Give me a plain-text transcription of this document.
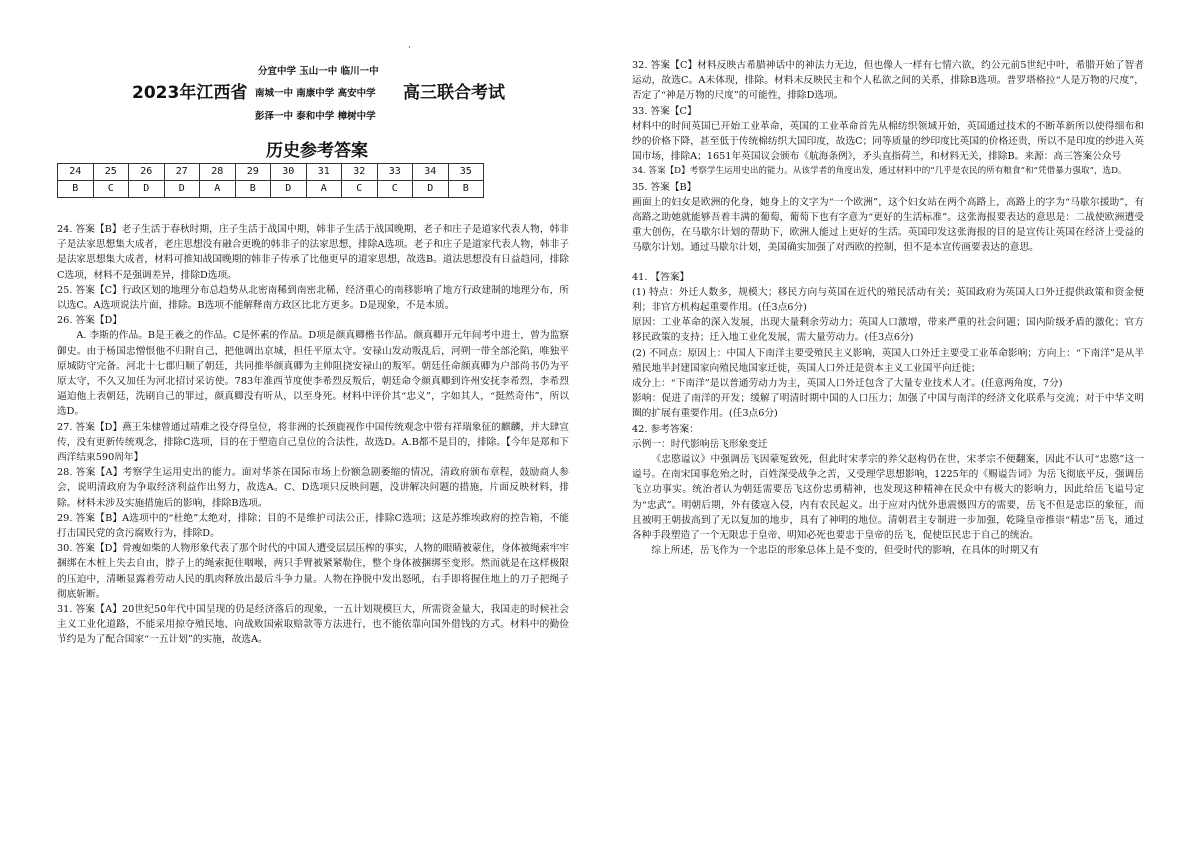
·
分宜中学 玉山一中 临川一中
2023年江西省 南城一中 南康中学 高安中学 高三联合考试
彭泽一中 泰和中学 樟树中学
历史参考答案
24	25	26	27	28	29	30	31	32	33	34	35
B	C	D	D	A	B	D	A	C	C	D	B

24. 答案【B】老子生活于春秋时期，庄子生活于战国中期，韩非子生活于战国晚期，老子和庄子是道家代表人物，韩非子是法家思想集大成者，老庄思想没有融合更晚的韩非子的法家思想，排除A选项。老子和庄子是道家代表人物，韩非子是法家思想集大成者，材料可推知战国晚期的韩非子传承了比他更早的道家思想，故选B。道法思想没有日益趋同，排除C选项，材料不是强调差异，排除D选项。

25. 答案【C】行政区划的地理分布总趋势从北密南稀到南密北稀，经济重心的南移影响了地方行政建制的地理分布，所以选C。A选项说法片面，排除。B选项不能解释南方政区比北方更多。D是现象，不是本质。

26. 答案【D】

A. 李斯的作品。B是王羲之的作品。C是怀素的作品。D项是颜真卿楷书作品。颜真卿开元年间考中进士，曾为监察御史。由于杨国忠憎恨他不归附自己，把他调出京城，担任平原太守。安禄山发动叛乱后，河朔一带全部沦陷，唯独平原城防守完备。河北十七郡归顺了朝廷，共同推举颜真卿为主帅阻挠安禄山的叛军。朝廷任命颜真卿为户部尚书仍为平原太守，不久又加任为河北招讨采访使。783年淮西节度使李希烈反叛后，朝廷命令颜真卿到许州安抚李希烈，李希烈逼迫他上表朝廷，洗刷自己的罪过，颜真卿没有听从，以至身死。材料中评价其“忠义”，字如其人，“挺然奇伟”，所以选D。

27. 答案【D】燕王朱棣曾通过靖难之役夺得皇位，将非洲的长颈鹿视作中国传统观念中带有祥瑞象征的麒麟，并大肆宣传，没有更新传统观念，排除C选项，目的在于塑造自己皇位的合法性，故选D。A.B都不是目的，排除。【今年是郑和下西洋结束590周年】

28. 答案【A】考察学生运用史出的能力。面对华茶在国际市场上份额急剧萎缩的情况，清政府颁布章程，鼓励商人参会，说明清政府为争取经济利益作出努力，故选A。C、D选项只反映问题，没讲解决问题的措施，片面反映材料，排除。材料未涉及实施措施后的影响，排除B选项。

29. 答案【B】A选项中的“杜绝”太绝对，排除；目的不是维护司法公正，排除C选项；这是苏维埃政府的控告箱，不能打击国民党的贪污腐败行为，排除D。

30. 答案【D】骨瘦如柴的人物形象代表了那个时代的中国人遭受层层压榨的事实，人物的眼睛被蒙住，身体被绳索牢牢捆绑在木桩上失去自由，脖子上的绳索扼住咽喉，两只手臂被紧紧勒住，整个身体被捆绑至变形。然而就是在这样极限的压迫中，清晰显露着劳动人民的肌肉释放出最后斗争力量。人物在挣脱中发出怒吼，右手即将握住地上的刀子把绳子彻底斩断。

31. 答案【A】20世纪50年代中国呈现的仍是经济落后的现象，一五计划规模巨大，所需资金量大，我国走的时候社会主义工业化道路，不能采用掠夺殖民地、向战败国索取赔款等方法进行，也不能依靠向国外借钱的方式。材料中的勤俭节约是为了配合国家“一五计划”的实施，故选A。

32. 答案【C】材料反映古希腊神话中的神法力无边，但也像人一样有七情六欲，约公元前5世纪中叶，希腊开始了智者运动，故选C。A未体现，排除。材料未反映民主和个人私欲之间的关系，排除B选项。普罗塔格拉“人是万物的尺度”，否定了“神是万物的尺度”的可能性，排除D选项。

33. 答案【C】

材料中的时间英国已开始工业革命，英国的工业革命首先从棉纺织领域开始，英国通过技术的不断革新所以使得细布和纱的价格下降，甚至低于传统棉纺织大国印度，故选C；同等质量的纱印度比英国的价格还贵，所以不是印度的纱进入英国市场，排除A；1651年英国议会颁布《航海条例》，矛头直指荷兰，和材料无关，排除B。来源：高三答案公众号

34. 答案【D】考察学生运用史出的能力。从该学者的角度出发，通过材料中的“几乎是农民的所有粮食”和“凭借暴力强取”，选D。

35. 答案【B】

画面上的妇女是欧洲的化身，她身上的文字为“一个欧洲”，这个妇女站在两个高路上，高路上的字为“马歇尔援助”，有高路之助她就能够吾着丰满的葡萄，葡萄下也有字意为“更好的生活标准”。这张海报要表达的意思是：二战使欧洲遭受重大创伤，在马歇尔计划的帮助下，欧洲人能过上更好的生活。英国印发这张海报的目的是宣传让英国在经济上受益的马歇尔计划。通过马歇尔计划，美国确实加强了对西欧的控制，但不是本宣传画要表达的意思。

41. 【答案】

(1) 特点：外迁人数多，规模大；移民方向与英国在近代的殖民活动有关；英国政府为英国人口外迁提供政策和资金便利；非官方机构起重要作用。(任3点6分)

原因：工业革命的深入发展，出现大量剩余劳动力；英国人口激增，带来严重的社会问题；国内阶级矛盾的激化；官方移民政策的支持；迁入地工业化发展，需大量劳动力。(任3点6分)

(2) 不同点：原因上：中国人下南洋主要受殖民主义影响，英国人口外迁主要受工业革命影响；方向上：“下南洋”是从半殖民地半封建国家向殖民地国家迁徙，英国人口外迁是资本主义工业国平向迁徙；

成分上：“下南洋”是以普通劳动力为主，英国人口外迁包含了大量专业技术人才。(任意两角度，7分)

影响：促进了南洋的开发；缓解了明清时期中国的人口压力；加强了中国与南洋的经济文化联系与交流；对于中华文明圈的扩展有重要作用。(任3点6分)

42. 参考答案：

示例一：时代影响岳飞形象变迁

《忠愍谥议》中强调岳飞因蒙冤致死，但此时宋孝宗的养父赵构仍在世，宋孝宗不便翻案，因此不认可“忠愍”这一谥号。在南宋国事危殆之时，百姓深受战争之苦，又受理学思想影响，1225年的《赐谥告词》为岳飞彻底平反，强调岳飞立功事实。统治者认为朝廷需要岳飞这份忠勇精神，也发现这种精神在民众中有极大的影响力，因此给岳飞谥号定为“忠武”。明朝后期，外有倭寇入侵，内有农民起义。出于应对内忧外患震慑四方的需要，岳飞不但是忠臣的象征，而且被明王朝拔高到了无以复加的地步，具有了神明的地位。清朝君主专制进一步加强，乾隆皇帝推崇“精忠”岳飞，通过各种手段塑造了一个无限忠于皇帝、明知必死也要忠于皇帝的岳飞，促使臣民忠于自己的统治。

综上所述，岳飞作为一个忠臣的形象总体上是不变的，但受时代的影响，在具体的时期又有
